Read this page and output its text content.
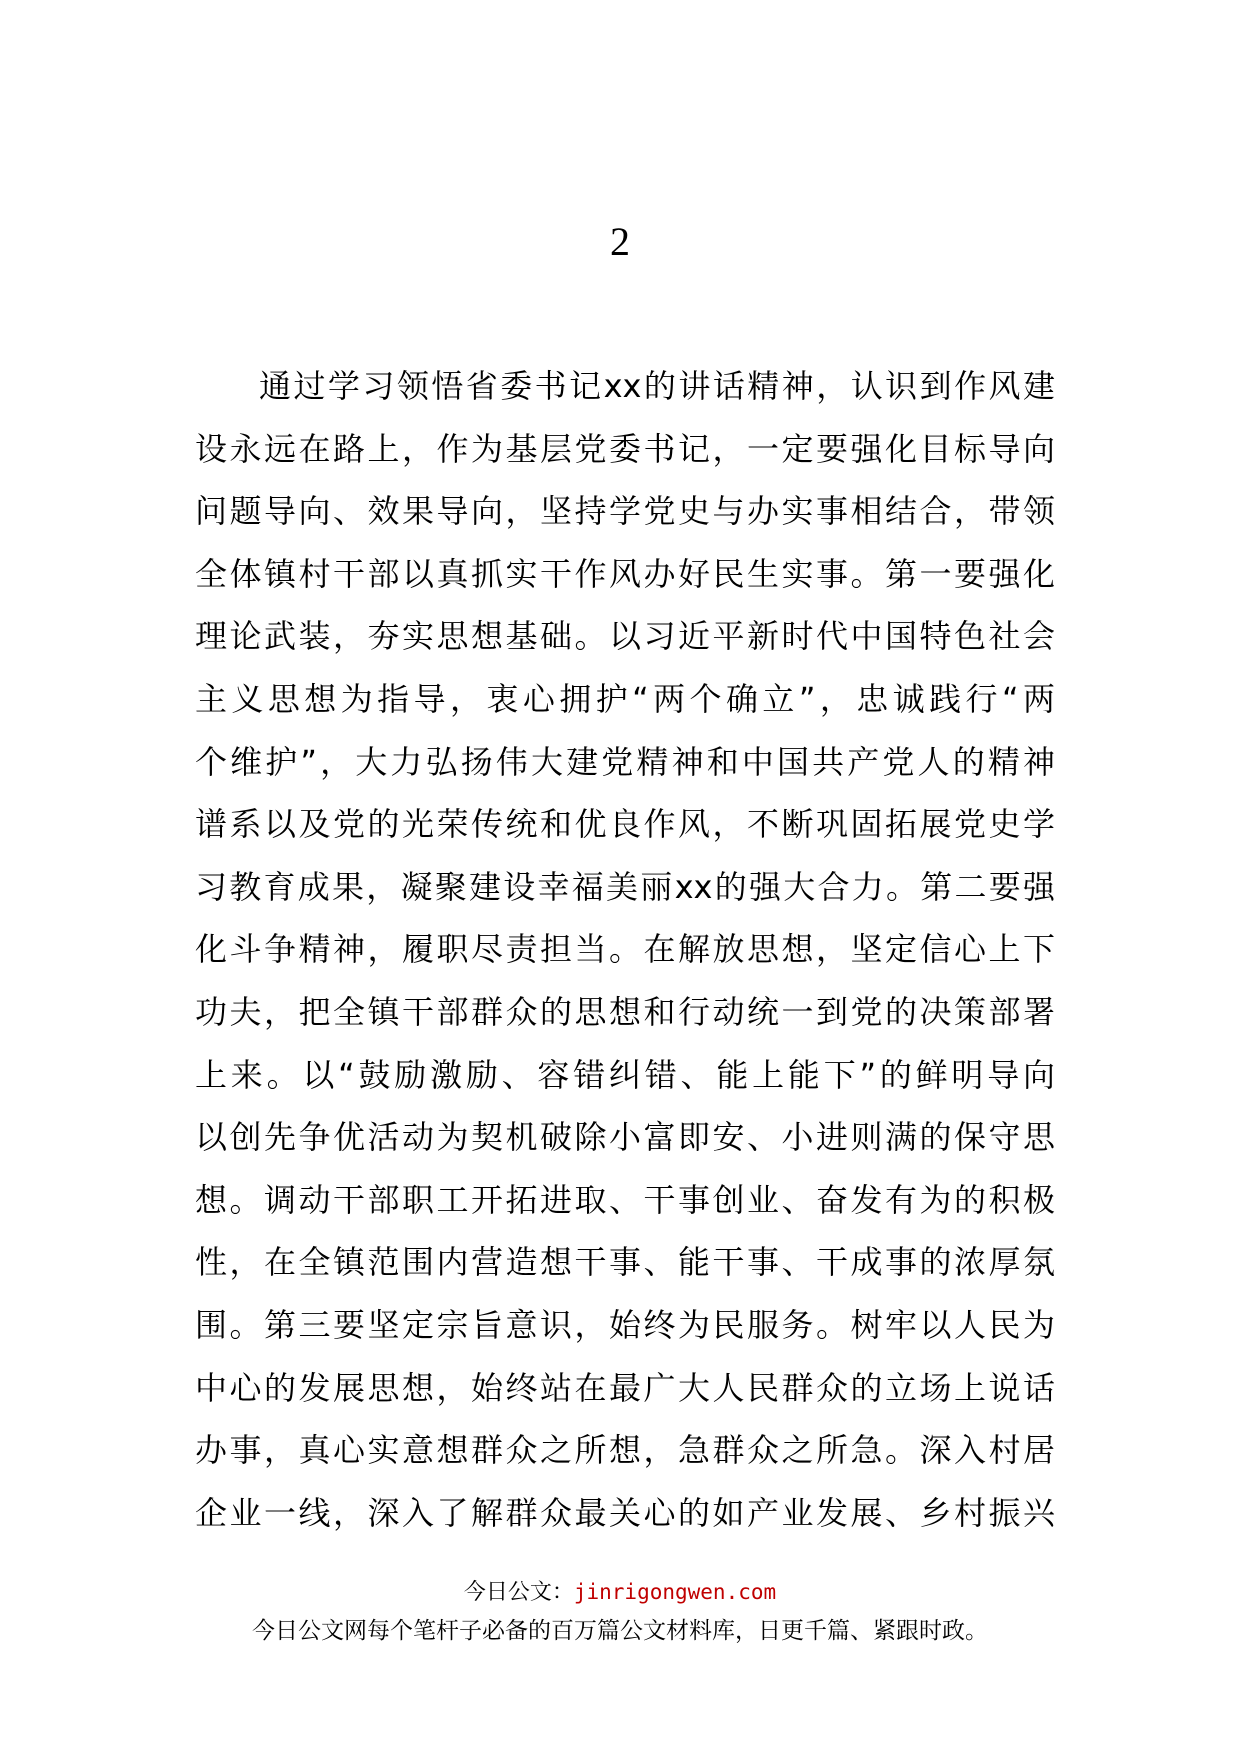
2
通过学习领悟省委书记xx的讲话精神，认识到作风建
设永远在路上，作为基层党委书记，一定要强化目标导向
问题导向、效果导向，坚持学党史与办实事相结合，带领
全体镇村干部以真抓实干作风办好民生实事。第一要强化
理论武装，夯实思想基础。以习近平新时代中国特色社会
主义思想为指导，衷心拥护“两个确立”，忠诚践行“两
个维护”，大力弘扬伟大建党精神和中国共产党人的精神
谱系以及党的光荣传统和优良作风，不断巩固拓展党史学
习教育成果，凝聚建设幸福美丽xx的强大合力。第二要强
化斗争精神，履职尽责担当。在解放思想，坚定信心上下
功夫，把全镇干部群众的思想和行动统一到党的决策部署
上来。以“鼓励激励、容错纠错、能上能下”的鲜明导向
以创先争优活动为契机破除小富即安、小进则满的保守思
想。调动干部职工开拓进取、干事创业、奋发有为的积极
性，在全镇范围内营造想干事、能干事、干成事的浓厚氛
围。第三要坚定宗旨意识，始终为民服务。树牢以人民为
中心的发展思想，始终站在最广大人民群众的立场上说话
办事，真心实意想群众之所想，急群众之所急。深入村居
企业一线，深入了解群众最关心的如产业发展、乡村振兴
今日公文：jinrigongwen.com
今日公文网每个笔杆子必备的百万篇公文材料库，日更千篇、紧跟时政。
